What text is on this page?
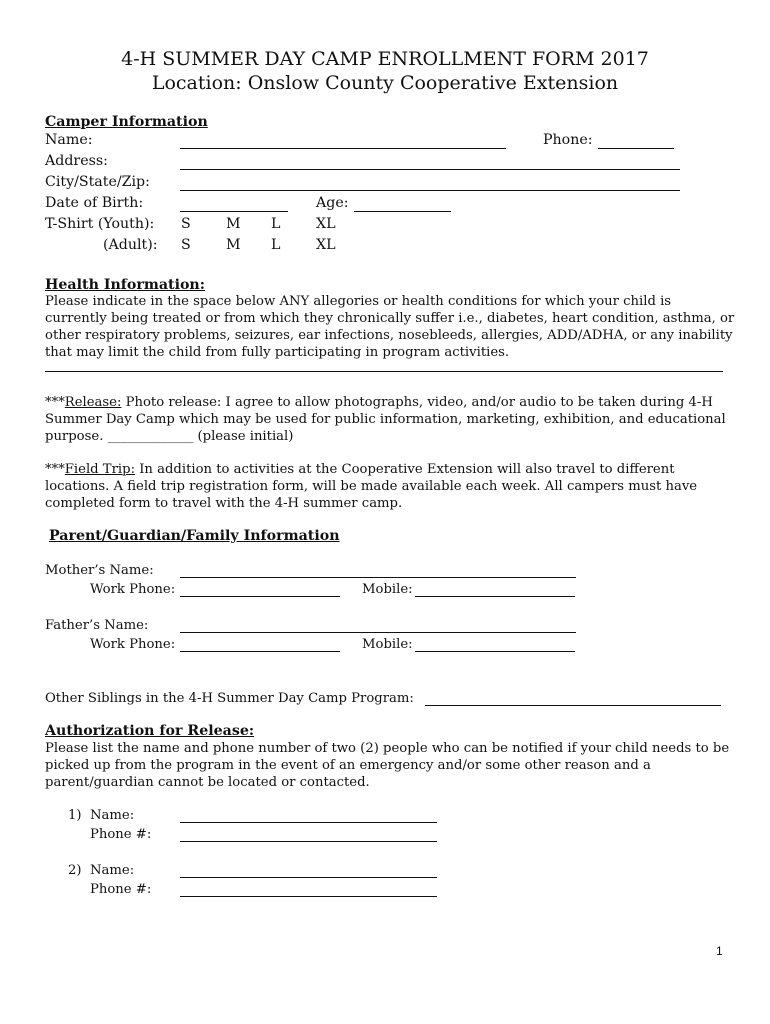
4-H SUMMER DAY CAMP ENROLLMENT FORM 2017
Location: Onslow County Cooperative Extension
Camper Information
Name:	Phone:
Address:
City/State/Zip:
Date of Birth:	Age:
T-Shirt (Youth): S M L	XL
(Adult): S M L	XL
Health Information:
Please indicate in the space below ANY allegories or health conditions for which your child is currently being treated or from which they chronically suffer i.e., diabetes, heart condition, asthma, or other respiratory problems, seizures, ear infections, nosebleeds, allergies, ADD/ADHA, or any inability that may limit the child from fully participating in program activities.
***Release: Photo release: I agree to allow photographs, video, and/or audio to be taken during 4-H Summer Day Camp which may be used for public information, marketing, exhibition, and educational purpose. _____________ (please initial)
***Field Trip: In addition to activities at the Cooperative Extension will also travel to different locations. A field trip registration form, will be made available each week. All campers must have completed form to travel with the 4-H summer camp.
Parent/Guardian/Family Information
Mother’s Name:
Work Phone:	Mobile:
Father’s Name:
Work Phone:	Mobile:
Other Siblings in the 4-H Summer Day Camp Program:
Authorization for Release:
Please list the name and phone number of two (2) people who can be notified if your child needs to be picked up from the program in the event of an emergency and/or some other reason and a parent/guardian cannot be located or contacted.
1) Name:
Phone #:
2) Name:
Phone #:
1
